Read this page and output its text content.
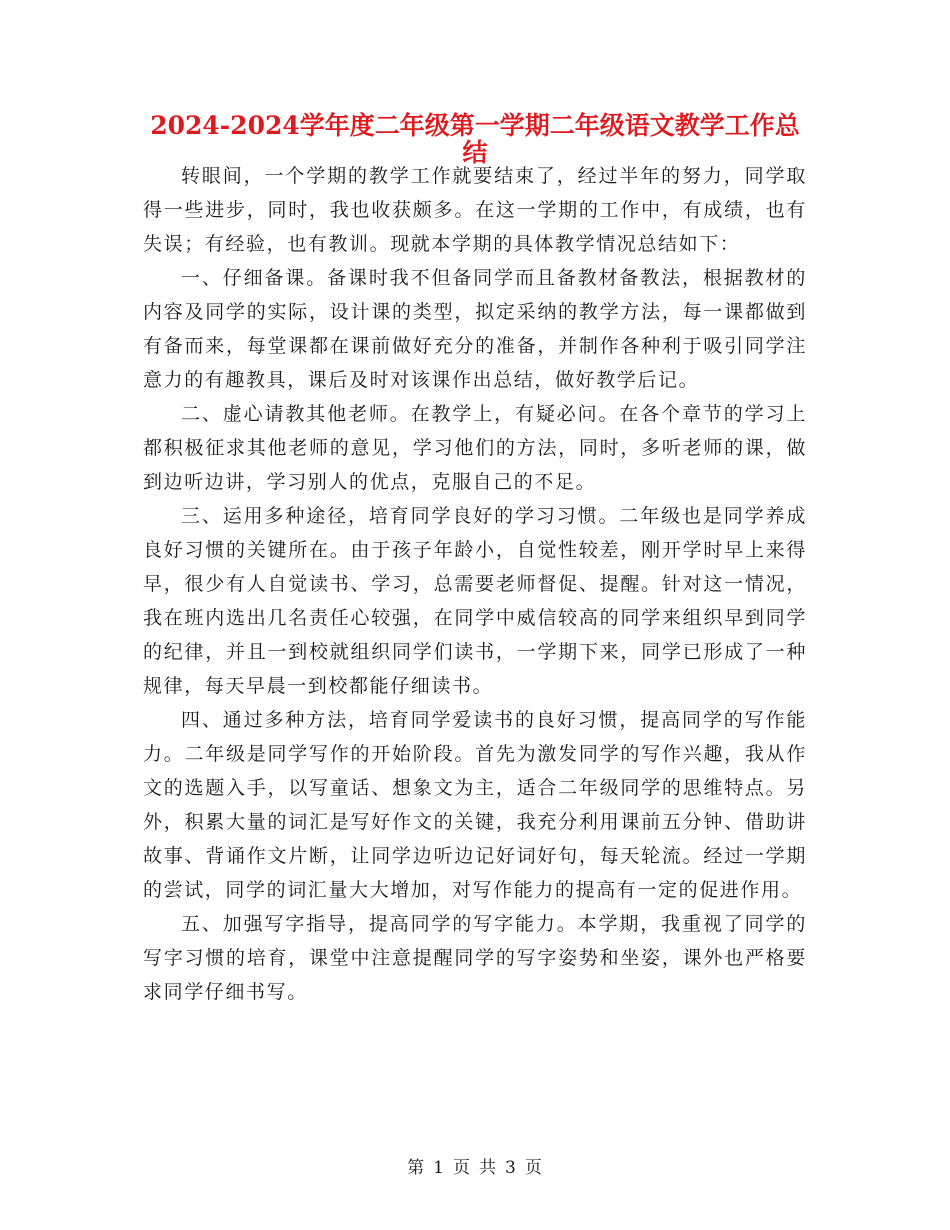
2024-2024学年度二年级第一学期二年级语文教学工作总结

转眼间，一个学期的教学工作就要结束了，经过半年的努力，同学取得一些进步，同时，我也收获颇多。在这一学期的工作中，有成绩，也有失误；有经验，也有教训。现就本学期的具体教学情况总结如下：

一、仔细备课。备课时我不但备同学而且备教材备教法，根据教材的内容及同学的实际，设计课的类型，拟定采纳的教学方法，每一课都做到有备而来，每堂课都在课前做好充分的准备，并制作各种利于吸引同学注意力的有趣教具，课后及时对该课作出总结，做好教学后记。

二、虚心请教其他老师。在教学上，有疑必问。在各个章节的学习上都积极征求其他老师的意见，学习他们的方法，同时，多听老师的课，做到边听边讲，学习别人的优点，克服自己的不足。

三、运用多种途径，培育同学良好的学习习惯。二年级也是同学养成良好习惯的关键所在。由于孩子年龄小，自觉性较差，刚开学时早上来得早，很少有人自觉读书、学习，总需要老师督促、提醒。针对这一情况，我在班内选出几名责任心较强，在同学中威信较高的同学来组织早到同学的纪律，并且一到校就组织同学们读书，一学期下来，同学已形成了一种规律，每天早晨一到校都能仔细读书。

四、通过多种方法，培育同学爱读书的良好习惯，提高同学的写作能力。二年级是同学写作的开始阶段。首先为激发同学的写作兴趣，我从作文的选题入手，以写童话、想象文为主，适合二年级同学的思维特点。另外，积累大量的词汇是写好作文的关键，我充分利用课前五分钟、借助讲故事、背诵作文片断，让同学边听边记好词好句，每天轮流。经过一学期的尝试，同学的词汇量大大增加，对写作能力的提高有一定的促进作用。

五、加强写字指导，提高同学的写字能力。本学期，我重视了同学的写字习惯的培育，课堂中注意提醒同学的写字姿势和坐姿，课外也严格要求同学仔细书写。

第 1 页 共 3 页
